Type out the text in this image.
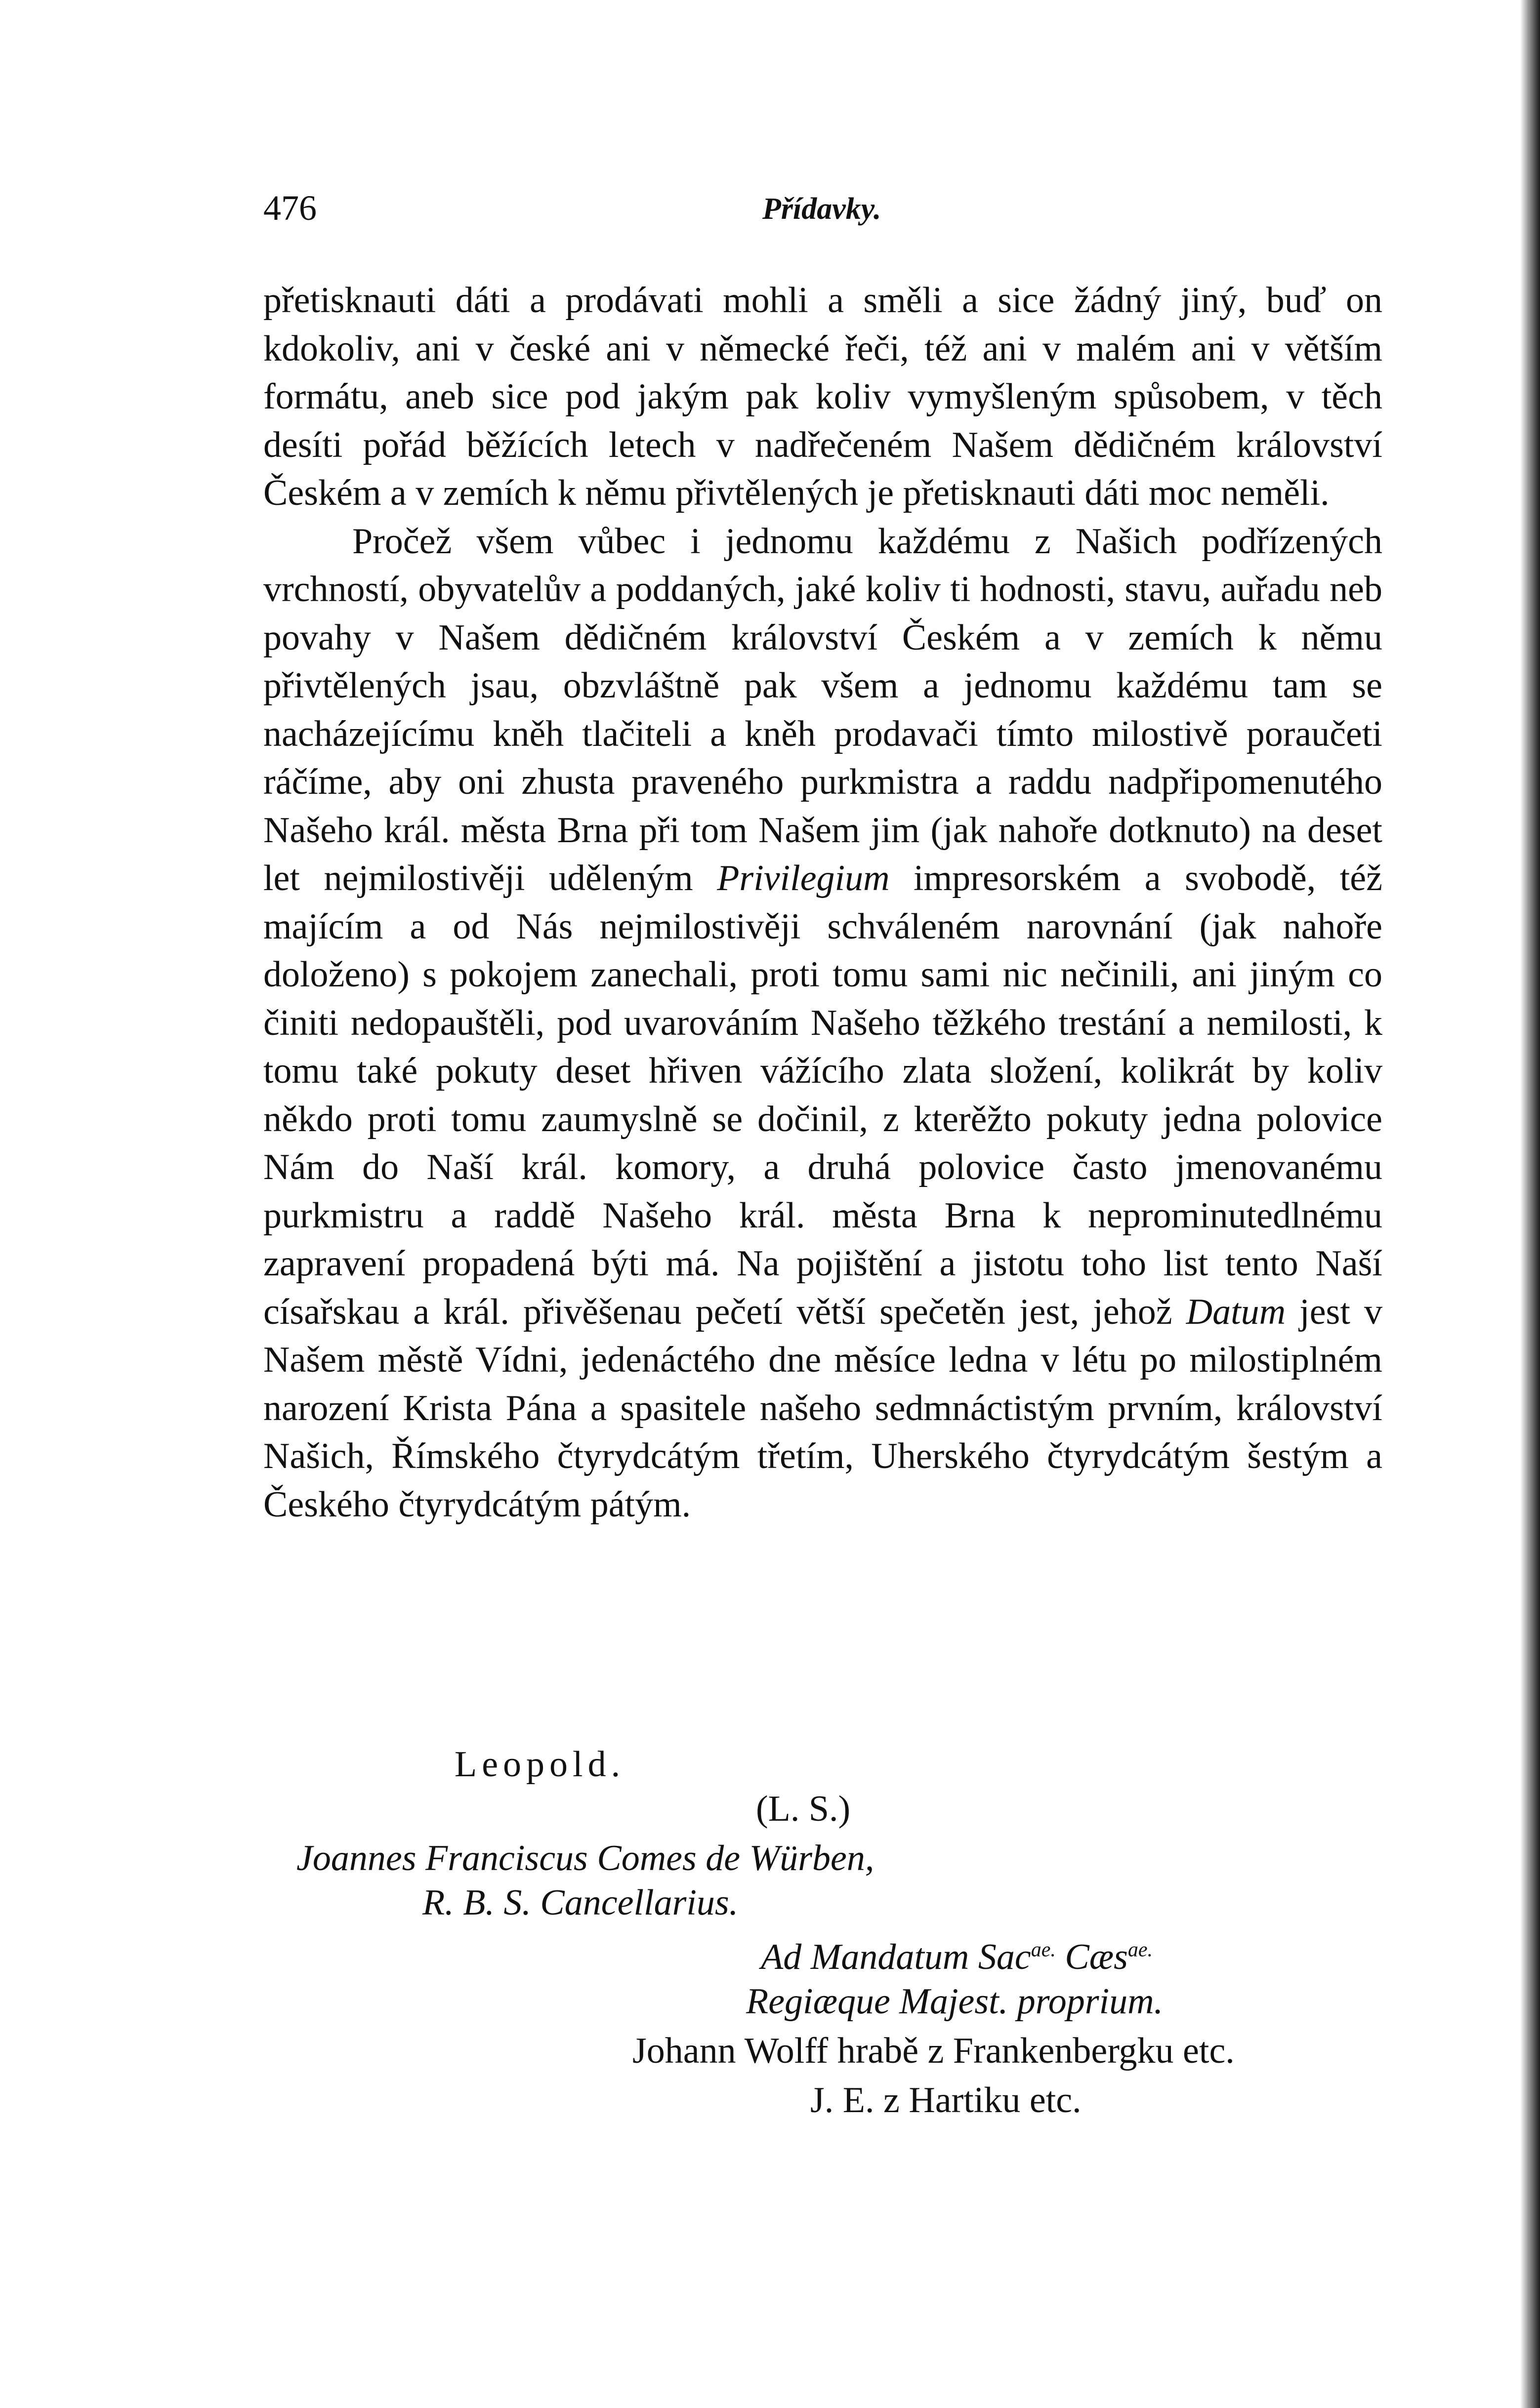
476	Přídavky.

přetisknauti dáti a prodávati mohli a směli a sice žádný jiný, buď on kdokoliv, ani v české ani v německé řeči, též ani v malém ani v větším formátu, aneb sice pod jakým pak koliv vymyšleným spůsobem, v těch desíti pořád běžících letech v nadřečeném Našem dědičném království Českém a v zemích k němu přivtělených je přetisknauti dáti moc neměli.

Pročež všem vůbec i jednomu každému z Našich podřízených vrchností, obyvatelův a poddaných, jaké koliv ti hodnosti, stavu, auřadu neb povahy v Našem dědičném království Českém a v zemích k němu přivtělených jsau, obzvláštně pak všem a jednomu každému tam se nacházejícímu kněh tlačiteli a kněh prodavači tímto milostivě poraučeti ráčíme, aby oni zhusta praveného purkmistra a raddu nadpřipomenutého Našeho král. města Brna při tom Našem jim (jak nahoře dotknuto) na deset let nejmilostivěji uděleným Privilegium impresorském a svobodě, též majícím a od Nás nejmilostivěji schváleném narovnání (jak nahoře doloženo) s pokojem zanechali, proti tomu sami nic nečinili, ani jiným co činiti nedopauštěli, pod uvarováním Našeho těžkého trestání a nemilosti, k tomu také pokuty deset hřiven vážícího zlata složení, kolikrát by koliv někdo proti tomu zaumyslně se dočinil, z kterěžto pokuty jedna polovice Nám do Naší král. komory, a druhá polovice často jmenovanému purkmistru a raddě Našeho král. města Brna k neprominutedlnému zapravení propadená býti má. Na pojištění a jistotu toho list tento Naší císařskau a král. přivěšenau pečetí větší spečetěn jest, jehož Datum jest v Našem městě Vídni, jedenáctého dne měsíce ledna v létu po milostiplném narození Krista Pána a spasitele našeho sedmnáctistým prvním, království Našich, Římského čtyrydcátým třetím, Uherského čtyrydcátým šestým a Českého čtyrydcátým pátým.

Leopold.
(L. S.)
Joannes Franciscus Comes de Würben,
R. B. S. Cancellarius.
Ad Mandatum Sac$^{ae.}$ Cæs$^{ae.}$
Regiæque Majest. proprium.
Johann Wolff hrabě z Frankenbergku etc.
J. E. z Hartiku etc.
